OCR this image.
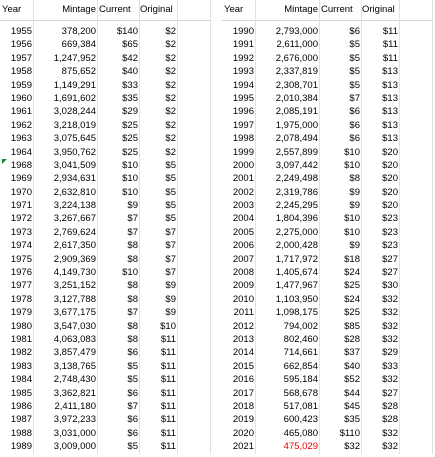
Year	Mintage Current Original
1955	378,200	$140	$2
1956	669,384	$65	$2
1957	1,247,952	$42	$2
1958	875,652	$40	$2
1959	1,149,291	$33	$2
1960	1,691,602	$35	$2
1961	3,028,244	$29	$2
1962	3,218,019	$25	$2
1963	3,075,645	$25	$2
1964	3,950,762	$25	$2
1968	3,041,509	$10	$5
1969	2,934,631	$10	$5
1970	2,632,810	$10	$5
1971	3,224,138	$9	$5
1972	3,267,667	$7	$5
1973	2,769,624	$7	$7
1974	2,617,350	$8	$7
1975	2,909,369	$8	$7
1976	4,149,730	$10	$7
1977	3,251,152	$8	$9
1978	3,127,788	$8	$9
1979	3,677,175	$7	$9
1980	3,547,030	$8	$10
1981	4,063,083	$8	$11
1982	3,857,479	$6	$11
1983	3,138,765	$5	$11
1984	2,748,430	$5	$11
1985	3,362,821	$6	$11
1986	2,411,180	$7	$11
1987	3,972,233	$6	$11
1988	3,031,000	$6	$11
1989	3,009,000	$5	$11
Year	Mintage Current Original
1990	2,793,000	$6	$11
1991	2,611,000	$5	$11
1992	2,676,000	$5	$11
1993	2,337,819	$5	$13
1994	2,308,701	$5	$13
1995	2,010,384	$7	$13
1996	2,085,191	$6	$13
1997	1,975,000	$6	$13
1998	2,078,494	$6	$13
1999	2,557,899	$10	$20
2000	3,097,442	$10	$20
2001	2,249,498	$8	$20
2002	2,319,786	$9	$20
2003	2,245,295	$9	$20
2004	1,804,396	$10	$23
2005	2,275,000	$10	$23
2006	2,000,428	$9	$23
2007	1,717,972	$18	$27
2008	1,405,674	$24	$27
2009	1,477,967	$25	$30
2010	1,103,950	$24	$32
2011	1,098,175	$25	$32
2012	794,002	$85	$32
2013	802,460	$28	$32
2014	714,661	$37	$29
2015	662,854	$40	$33
2016	595,184	$52	$32
2017	568,678	$44	$27
2018	517,081	$45	$28
2019	600,423	$35	$28
2020	465,080	$110	$32
2021	475,029	$32	$32
